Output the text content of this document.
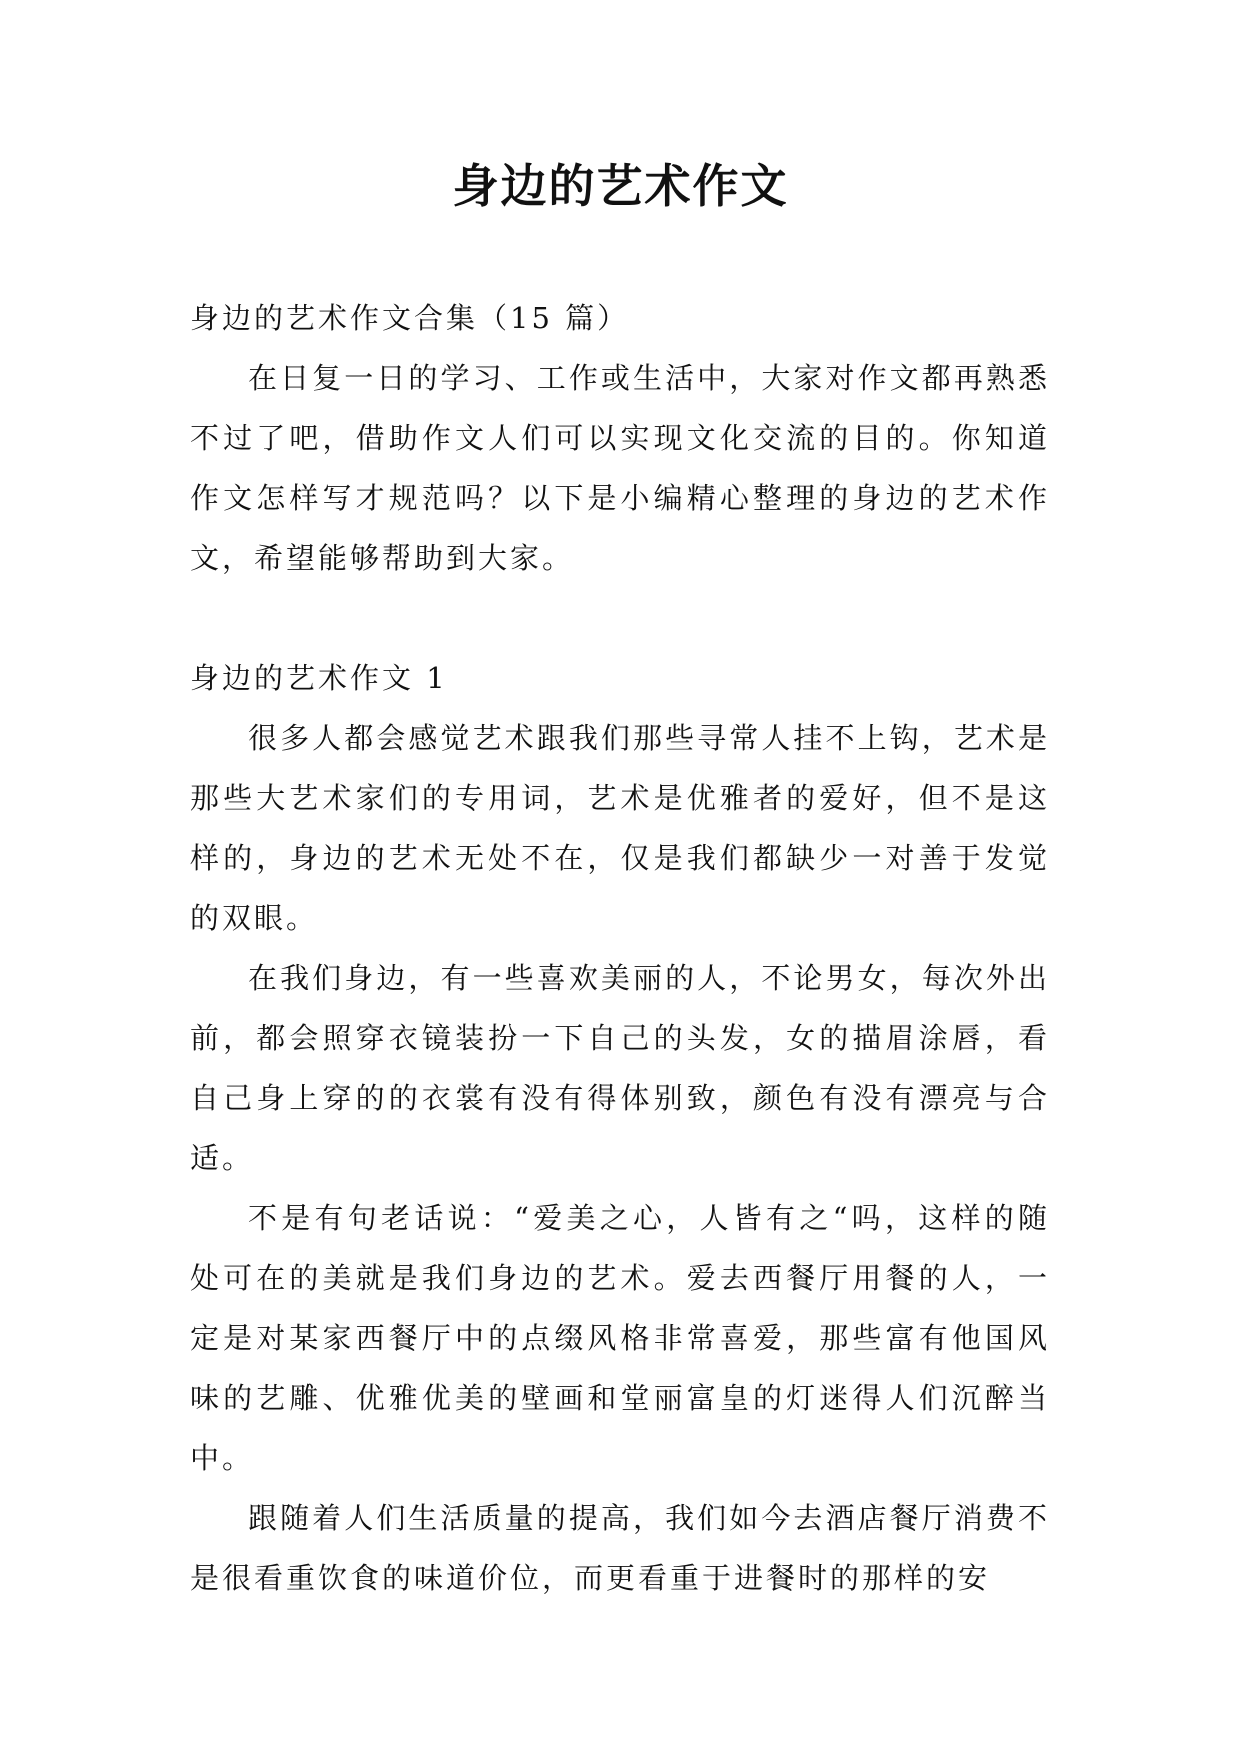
身边的艺术作文

身边的艺术作文合集（15 篇）

在日复一日的学习、工作或生活中，大家对作文都再熟悉不过了吧，借助作文人们可以实现文化交流的目的。你知道作文怎样写才规范吗？以下是小编精心整理的身边的艺术作文，希望能够帮助到大家。

身边的艺术作文 1

很多人都会感觉艺术跟我们那些寻常人挂不上钩，艺术是那些大艺术家们的专用词，艺术是优雅者的爱好，但不是这样的，身边的艺术无处不在，仅是我们都缺少一对善于发觉的双眼。

在我们身边，有一些喜欢美丽的人，不论男女，每次外出前，都会照穿衣镜装扮一下自己的头发，女的描眉涂唇，看自己身上穿的的衣裳有没有得体别致，颜色有没有漂亮与合适。

不是有句老话说：“爱美之心，人皆有之“吗，这样的随处可在的美就是我们身边的艺术。爱去西餐厅用餐的人，一定是对某家西餐厅中的点缀风格非常喜爱，那些富有他国风味的艺雕、优雅优美的壁画和堂丽富皇的灯迷得人们沉醉当中。

跟随着人们生活质量的提高，我们如今去酒店餐厅消费不是很看重饮食的味道价位，而更看重于进餐时的那样的安
